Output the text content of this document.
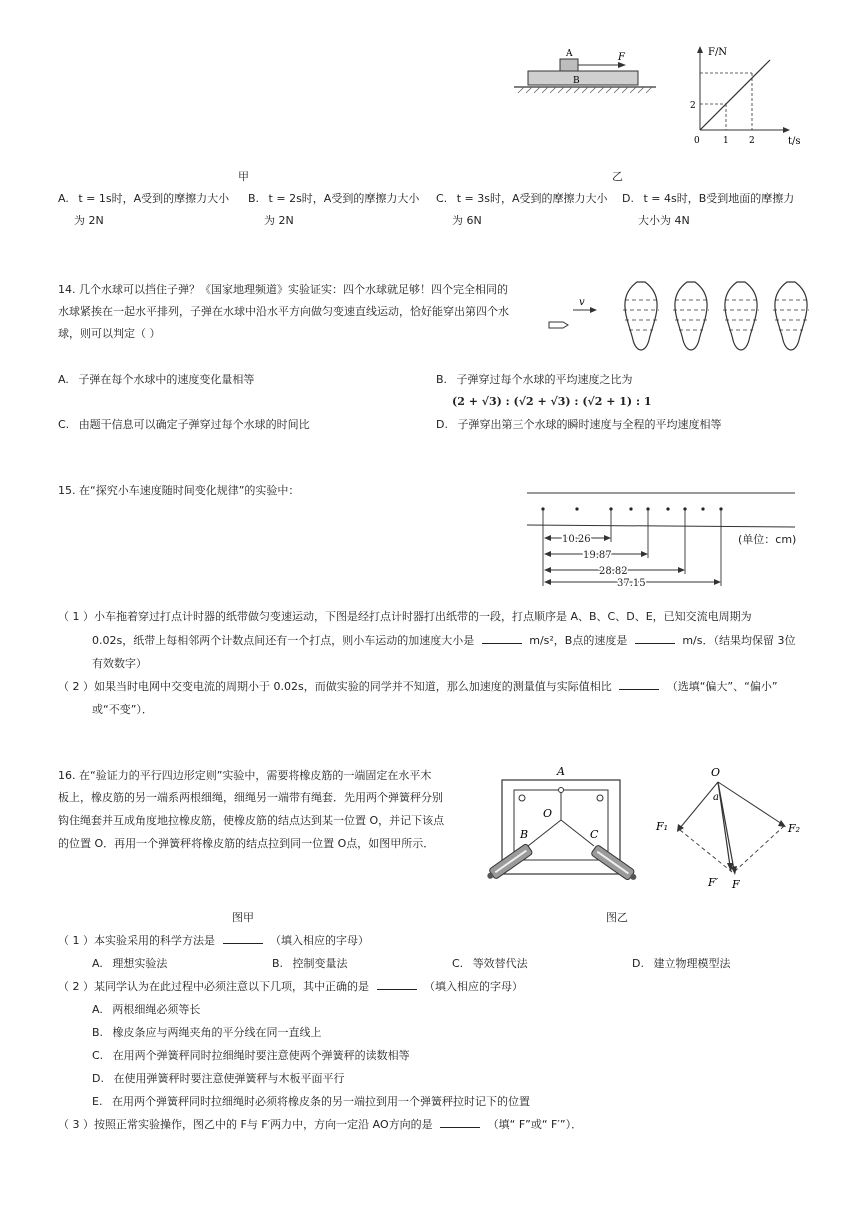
A
B
F	F/N
t/s
2
0	1 2
甲	乙
A. t = 1s时，A受到的摩擦力大小
为 2N
B. t = 2s时，A受到的摩擦力大小
为 2N
C. t = 3s时，A受到的摩擦力大小
为 6N
D. t = 4s时，B受到地面的摩擦力
大小为 4N
14. 几个水球可以挡住子弹？《国家地理频道》实验证实：四个水球就足够！四个完全相同的
水球紧挨在一起水平排列，子弹在水球中沿水平方向做匀变速直线运动，恰好能穿出第四个水
球，则可以判定（ ）
v
A. 子弹在每个水球中的速度变化量相等	B. 子弹穿过每个水球的平均速度之比为
(2 + √3) : (√2 + √3) : (√2 + 1) : 1
C. 由题干信息可以确定子弹穿过每个水球的时间比	D. 子弹穿出第三个水球的瞬时速度与全程的平均速度相等
15. 在“探究小车速度随时间变化规律”的实验中：
10.26
19.87
28.82
37.15
(单位：cm)
（ 1 ）小车拖着穿过打点计时器的纸带做匀变速运动，下图是经打点计时器打出纸带的一段，打点顺序是 A、B、C、D、E，已知交流电周期为
0.02s，纸带上每相邻两个计数点间还有一个打点，则小车运动的加速度大小是	m/s²，B点的速度是	m/s．（结果均保留 3位
有效数字）
（ 2 ）如果当时电网中交变电流的周期小于 0.02s，而做实验的同学并不知道，那么加速度的测量值与实际值相比	（选填“偏大”、“偏小”
或“不变”）．
16. 在“验证力的平行四边形定则”实验中，需要将橡皮筋的一端固定在水平木
板上，橡皮筋的另一端系两根细绳，细绳另一端带有绳套．先用两个弹簧秤分别
钩住绳套并互成角度地拉橡皮筋，使橡皮筋的结点达到某一位置 O，并记下该点
的位置 O．再用一个弹簧秤将橡皮筋的结点拉到同一位置 O点，如图甲所示．
A
O
B	C
O
a
F₁	F₂
F′ F
图甲	图乙
（ 1 ）本实验采用的科学方法是	（填入相应的字母）
A. 理想实验法	B. 控制变量法	C. 等效替代法	D. 建立物理模型法
（ 2 ）某同学认为在此过程中必须注意以下几项，其中正确的是	（填入相应的字母）
A. 两根细绳必须等长
B. 橡皮条应与两绳夹角的平分线在同一直线上
C. 在用两个弹簧秤同时拉细绳时要注意使两个弹簧秤的读数相等
D. 在使用弹簧秤时要注意使弹簧秤与木板平面平行
E. 在用两个弹簧秤同时拉细绳时必须将橡皮条的另一端拉到用一个弹簧秤拉时记下的位置
（ 3 ）按照正常实验操作，图乙中的 F与 F′两力中，方向一定沿 AO方向的是	（填“ F”或“ F′”）．
